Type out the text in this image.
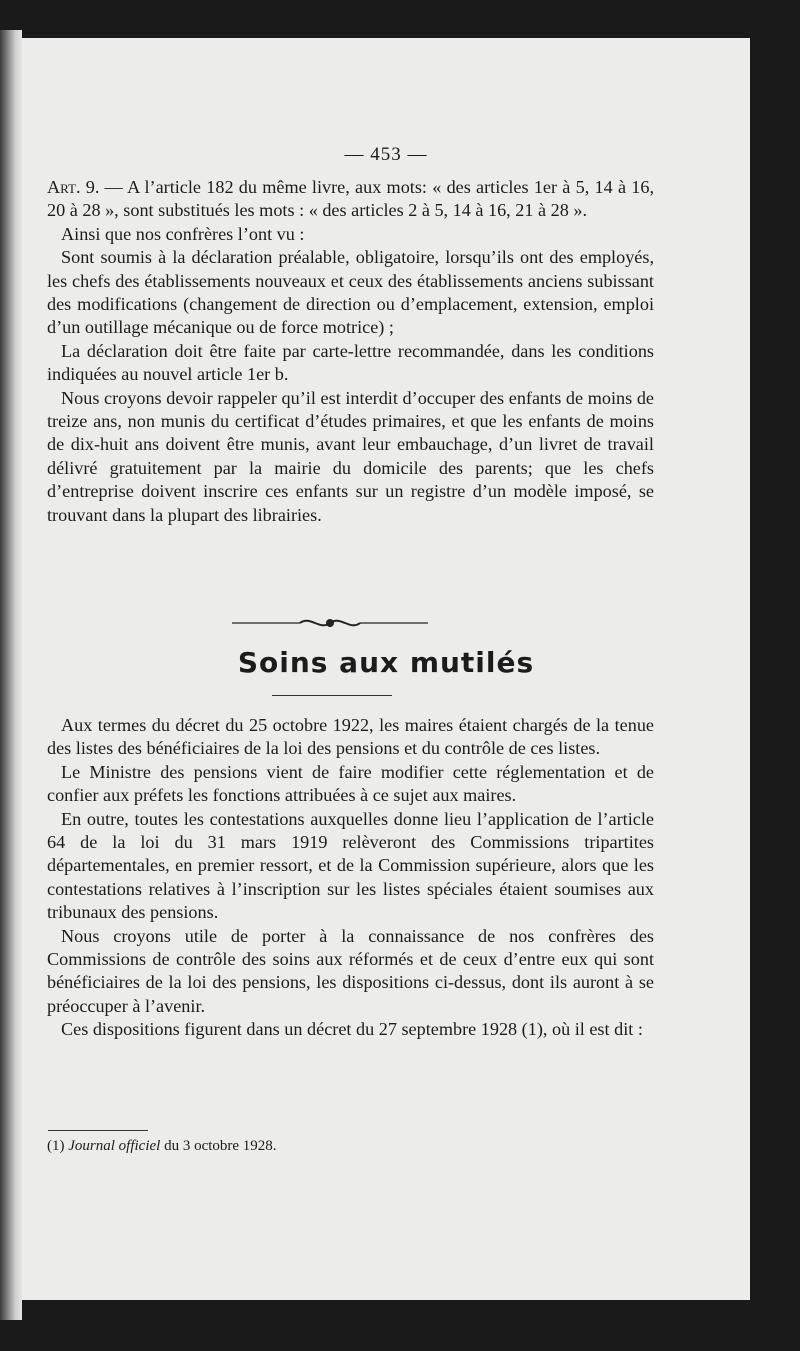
— 453 —

Art. 9. — A l’article 182 du même livre, aux mots: « des articles 1er à 5, 14 à 16, 20 à 28 », sont substitués les mots : « des articles 2 à 5, 14 à 16, 21 à 28 ».

Ainsi que nos confrères l’ont vu :

Sont soumis à la déclaration préalable, obligatoire, lorsqu’ils ont des employés, les chefs des établissements nouveaux et ceux des établissements anciens subissant des modifications (changement de direction ou d’emplacement, extension, emploi d’un outillage mécanique ou de force motrice) ;

La déclaration doit être faite par carte-lettre recommandée, dans les conditions indiquées au nouvel article 1er b.

Nous croyons devoir rappeler qu’il est interdit d’occuper des enfants de moins de treize ans, non munis du certificat d’études primaires, et que les enfants de moins de dix-huit ans doivent être munis, avant leur embauchage, d’un livret de travail délivré gratuitement par la mairie du domicile des parents; que les chefs d’entreprise doivent inscrire ces enfants sur un registre d’un modèle imposé, se trouvant dans la plupart des librairies.

Soins aux mutilés

Aux termes du décret du 25 octobre 1922, les maires étaient chargés de la tenue des listes des bénéficiaires de la loi des pensions et du contrôle de ces listes.

Le Ministre des pensions vient de faire modifier cette réglementation et de confier aux préfets les fonctions attribuées à ce sujet aux maires.

En outre, toutes les contestations auxquelles donne lieu l’application de l’article 64 de la loi du 31 mars 1919 relèveront des Commissions tripartites départementales, en premier ressort, et de la Commission supérieure, alors que les contestations relatives à l’inscription sur les listes spéciales étaient soumises aux tribunaux des pensions.

Nous croyons utile de porter à la connaissance de nos confrères des Commissions de contrôle des soins aux réformés et de ceux d’entre eux qui sont bénéficiaires de la loi des pensions, les dispositions ci-dessus, dont ils auront à se préoccuper à l’avenir.

Ces dispositions figurent dans un décret du 27 septembre 1928 (1), où il est dit :

(1) Journal officiel du 3 octobre 1928.
